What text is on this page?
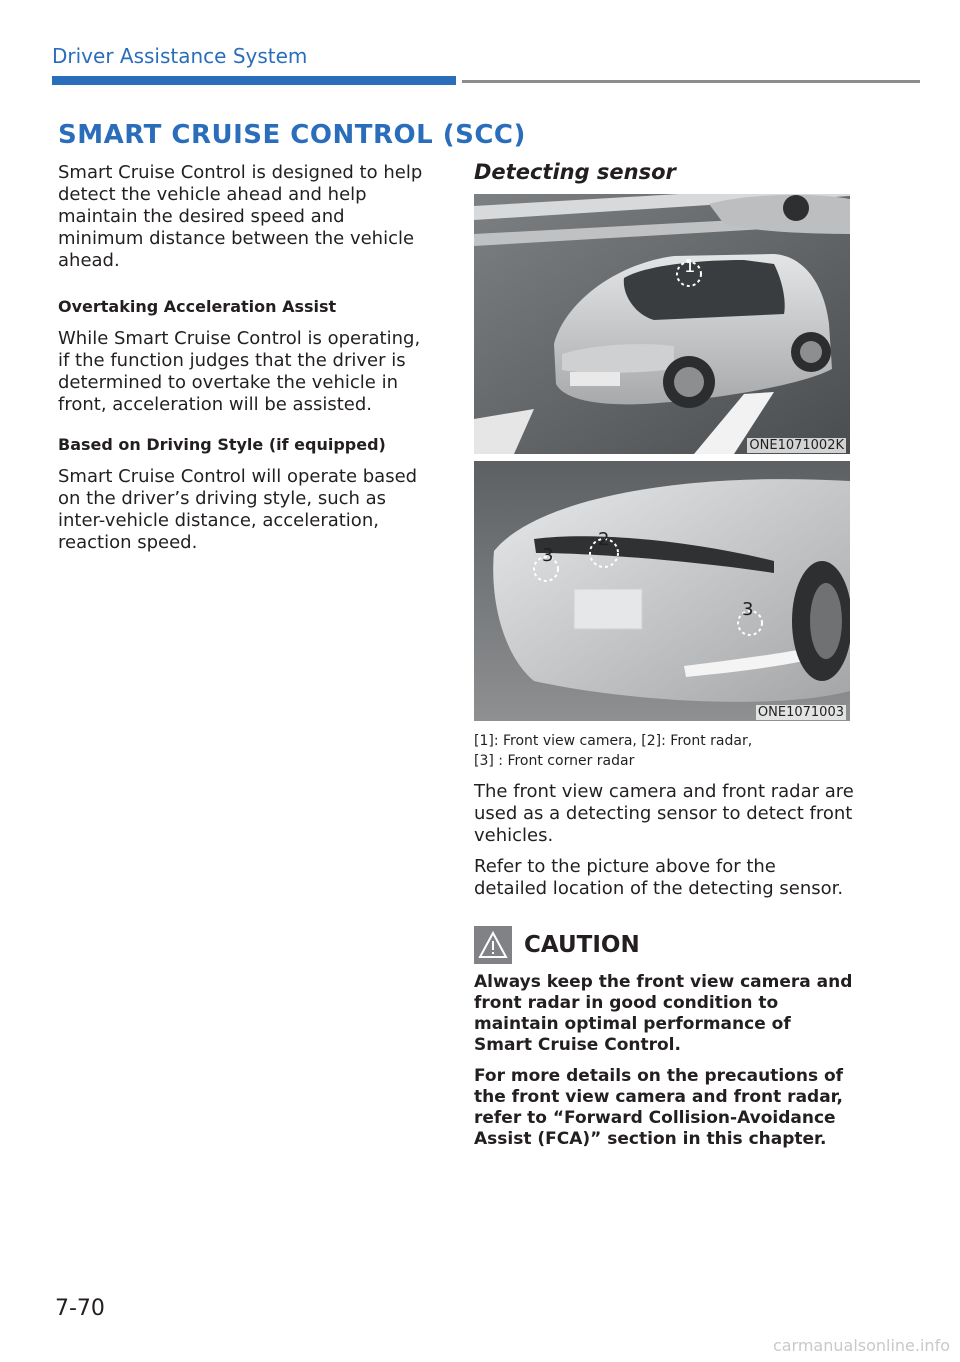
Driver Assistance System
SMART CRUISE CONTROL (SCC)

Smart Cruise Control is designed to help detect the vehicle ahead and help maintain the desired speed and minimum distance between the vehicle ahead.

Overtaking Acceleration Assist

While Smart Cruise Control is operating, if the function judges that the driver is determined to overtake the vehicle in front, acceleration will be assisted.

Based on Driving Style (if equipped)

Smart Cruise Control will operate based on the driver’s driving style, such as inter-vehicle distance, acceleration, reaction speed.

Detecting sensor

1
ONE1071002K
2
3
3
ONE1071003

[1]: Front view camera, [2]: Front radar,

[3] : Front corner radar

The front view camera and front radar are used as a detecting sensor to detect front vehicles.

Refer to the picture above for the detailed location of the detecting sensor.

CAUTION

Always keep the front view camera and front radar in good condition to maintain optimal performance of Smart Cruise Control.

For more details on the precautions of the front view camera and front radar, refer to “Forward Collision-Avoidance Assist (FCA)” section in this chapter.

7-70
carmanualsonline.info
